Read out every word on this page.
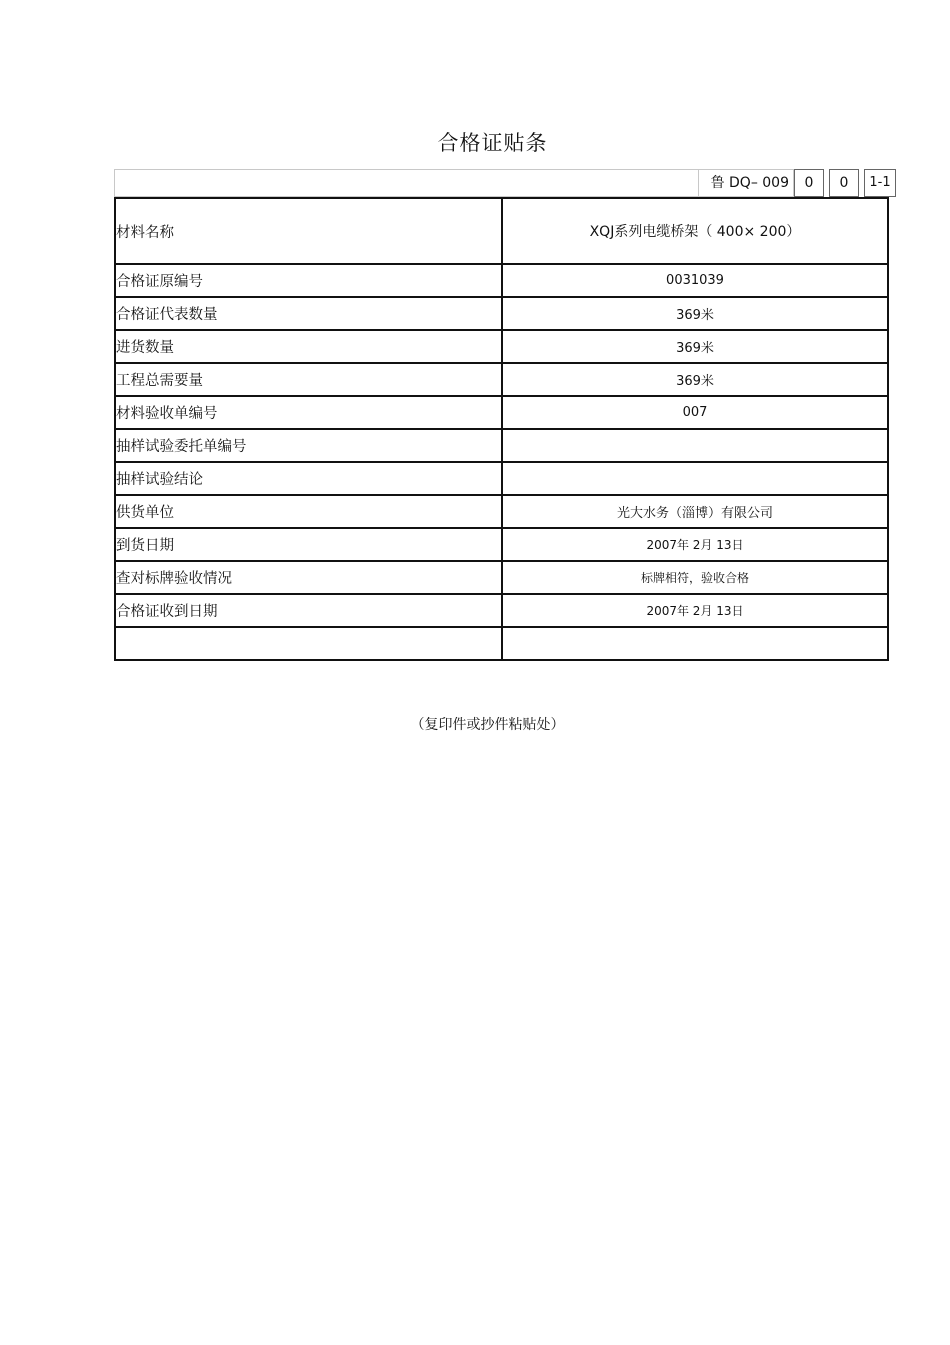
合格证贴条
鲁 DQ– 009	0	0	1-1
材料名称	XQJ系列电缆桥架（ 400× 200）
合格证原编号	0031039
合格证代表数量	369米
进货数量	369米
工程总需要量	369米
材料验收单编号	007
抽样试验委托单编号	
抽样试验结论	
供货单位	光大水务（淄博）有限公司
到货日期	2007年 2月 13日
查对标牌验收情况	标牌相符，验收合格
合格证收到日期	2007年 2月 13日

（复印件或抄件粘贴处）
